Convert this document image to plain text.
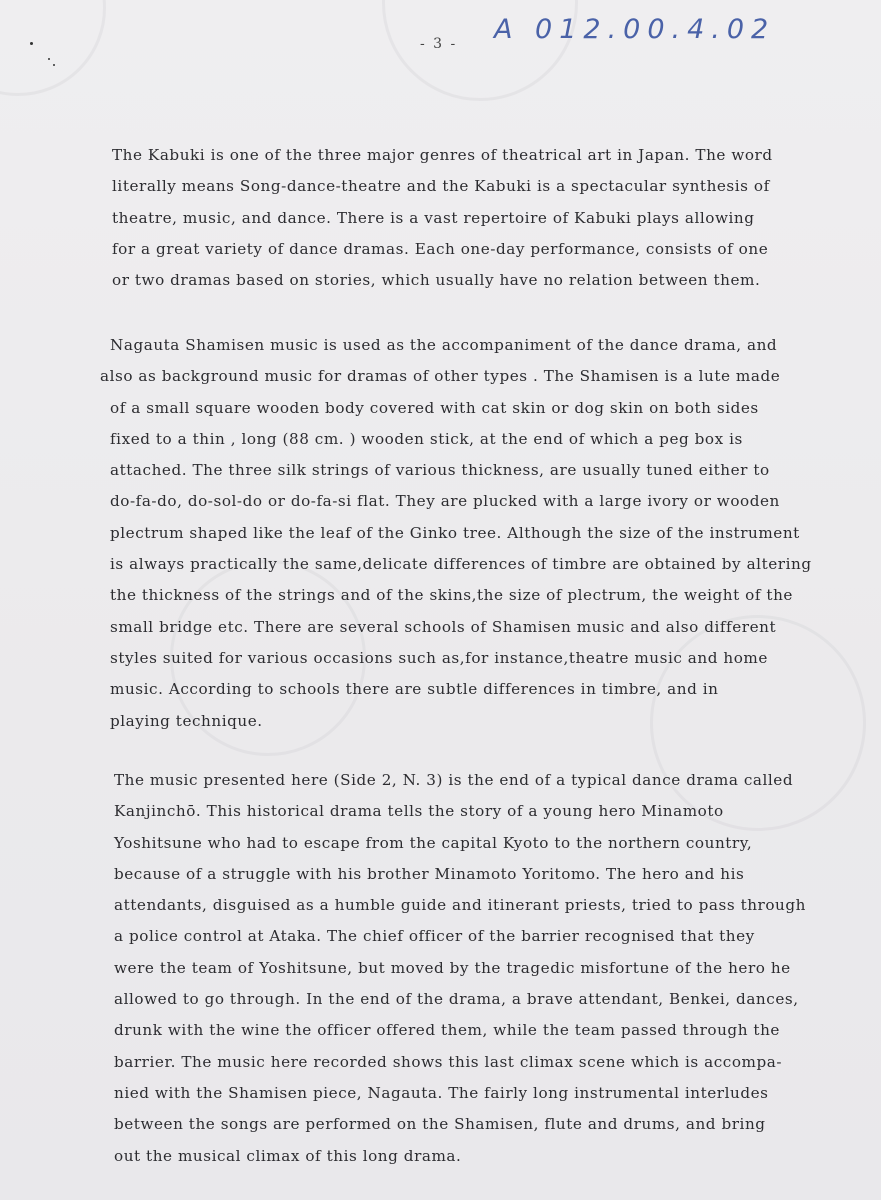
- 3 - A 012.00.4.02

The Kabuki is one of the three major genres of theatrical art in Japan. The word
literally means Song-dance-theatre and the Kabuki is a spectacular synthesis of
theatre, music, and dance. There is a vast repertoire of Kabuki plays allowing
for a great variety of dance dramas. Each one-day performance, consists of one
or two dramas based on stories, which usually have no relation between them.

Nagauta Shamisen music is used as the accompaniment of the dance drama, and
also as background music for dramas of other types . The Shamisen is a lute made
of a small square wooden body covered with cat skin or dog skin on both sides
fixed to a thin , long (88 cm. ) wooden stick, at the end of which a peg box is
attached. The three silk strings of various thickness, are usually tuned either to
do-fa-do, do-sol-do or do-fa-si flat. They are plucked with a large ivory or wooden
plectrum shaped like the leaf of the Ginko tree. Although the size of the instrument
is always practically the same,delicate differences of timbre are obtained by altering
the thickness of the strings and of the skins,the size of plectrum, the weight of the
small bridge etc. There are several schools of Shamisen music and also different
styles suited for various occasions such as,for instance,theatre music and home
music. According to schools there are subtle differences in timbre, and in
playing technique.

The music presented here (Side 2, N. 3) is the end of a typical dance drama called
Kanjinchō. This historical drama tells the story of a young hero Minamoto
Yoshitsune who had to escape from the capital Kyoto to the northern country,
because of a struggle with his brother Minamoto Yoritomo. The hero and his
attendants, disguised as a humble guide and itinerant priests, tried to pass through
a police control at Ataka. The chief officer of the barrier recognised that they
were the team of Yoshitsune, but moved by the tragedic misfortune of the hero he
allowed to go through. In the end of the drama, a brave attendant, Benkei, dances,
drunk with the wine the officer offered them, while the team passed through the
barrier. The music here recorded shows this last climax scene which is accompa-
nied with the Shamisen piece, Nagauta. The fairly long instrumental interludes
between the songs are performed on the Shamisen, flute and drums, and bring
out the musical climax of this long drama.
